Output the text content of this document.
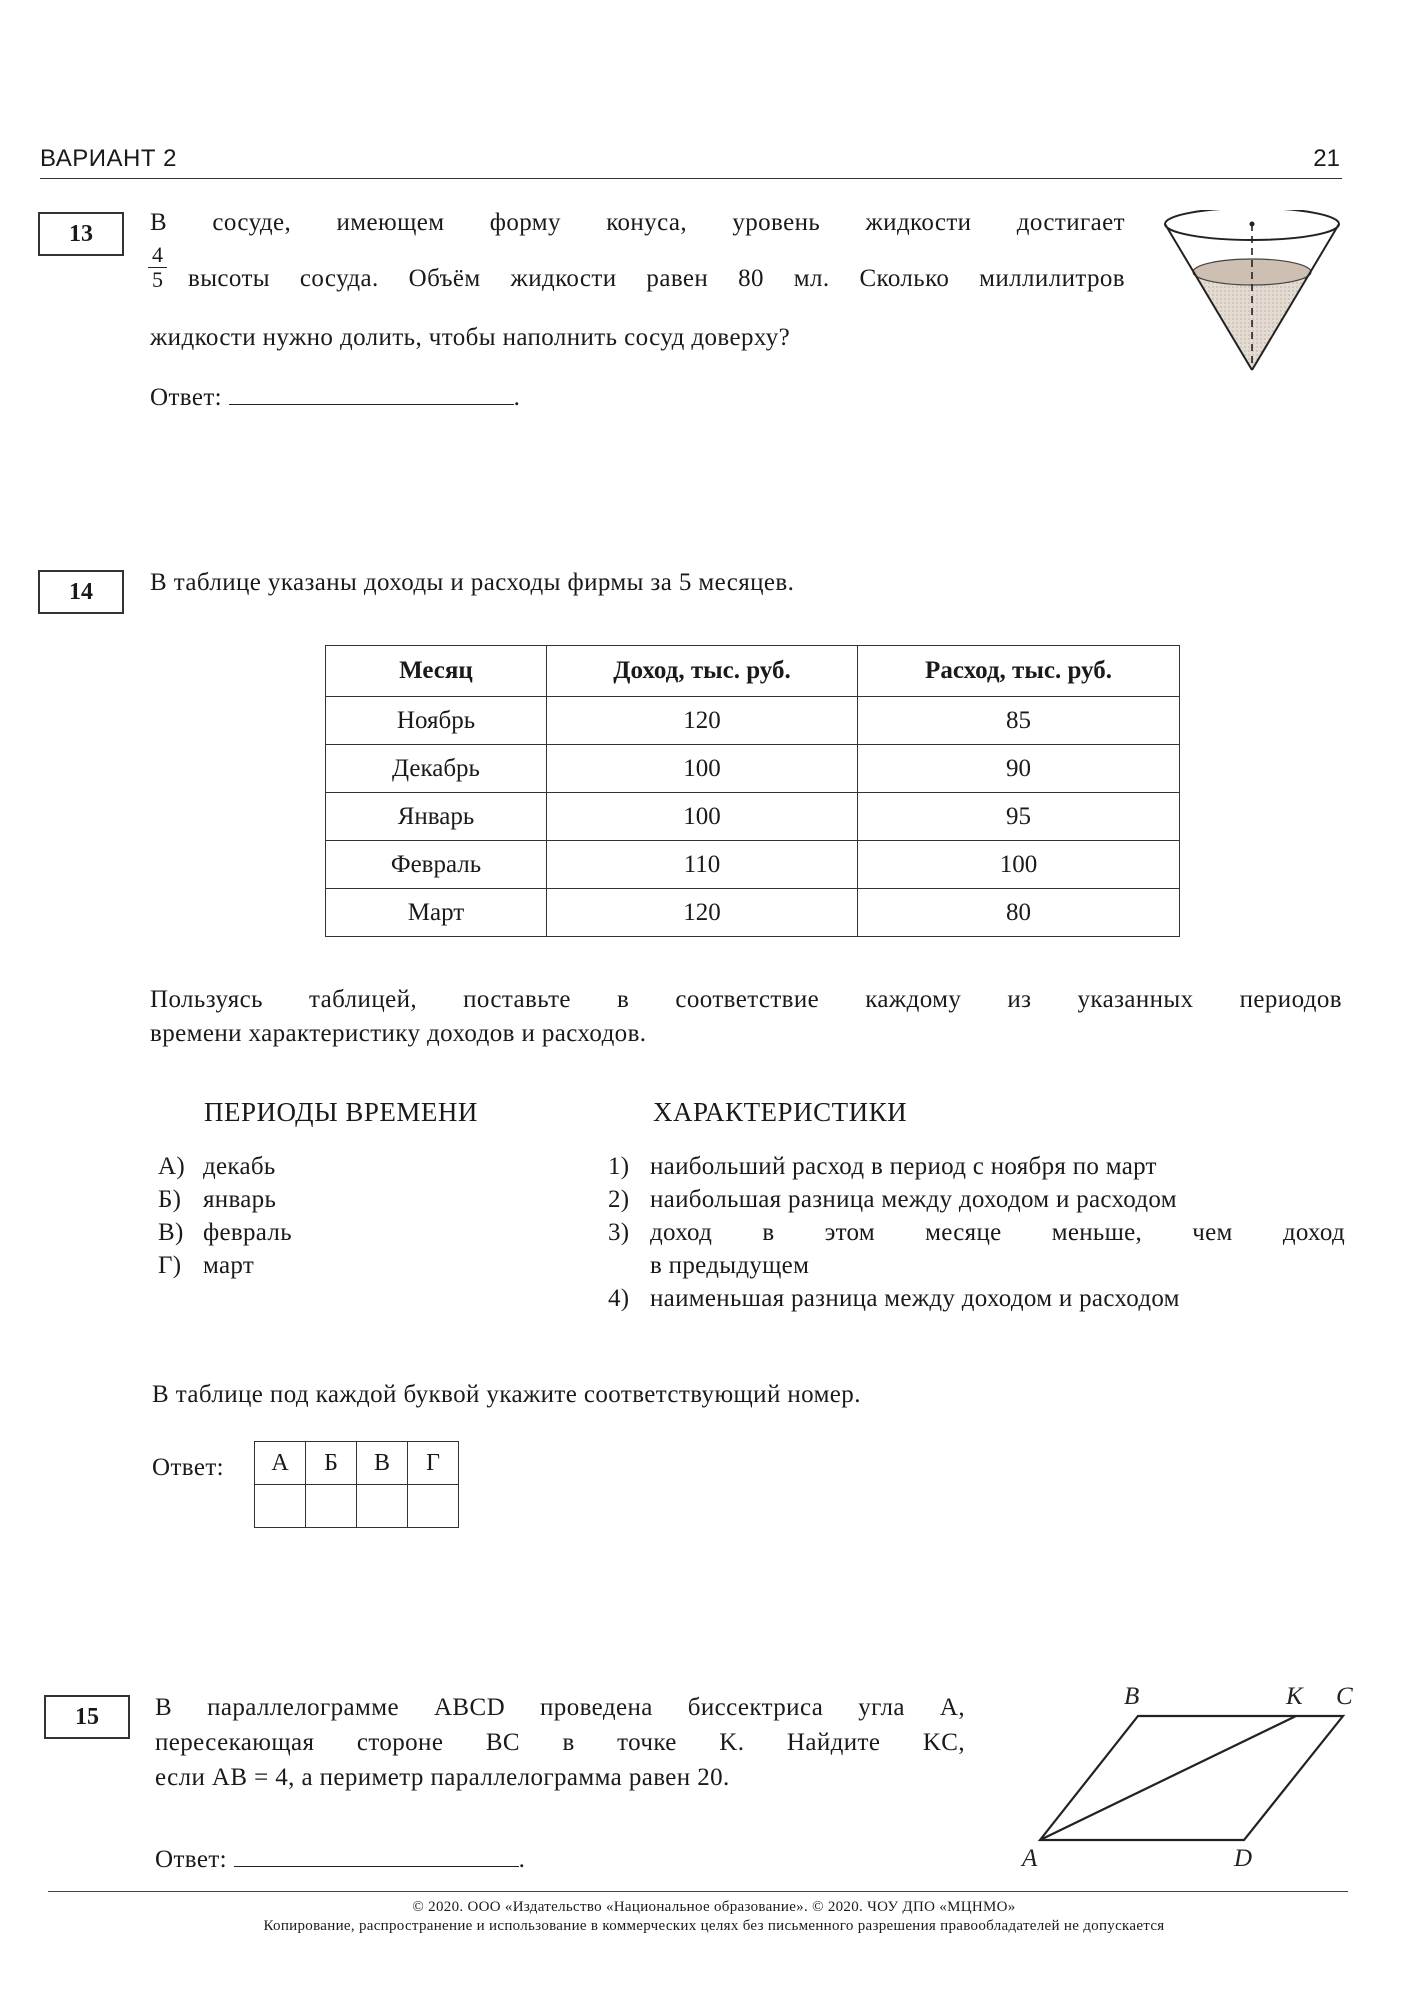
ВАРИАНТ 2	21
13	В сосуде, имеющем форму конуса, уровень жидкости достигает
$\frac{4}{5}$ высоты сосуда. Объём жидкости равен 80 мл. Сколько миллилитров
жидкости нужно долить, чтобы наполнить сосуд доверху?
Ответ:	.
14	В таблице указаны доходы и расходы фирмы за 5 месяцев.
Месяц	Доход, тыс. руб.	Расход, тыс. руб.
Ноябрь	120	85
Декабрь	100	90
Январь	100	95
Февраль	110	100
Март	120	80
Пользуясь таблицей, поставьте в соответствие каждому из указанных периодов
времени характеристику доходов и расходов.
ПЕРИОДЫ ВРЕМЕНИ	ХАРАКТЕРИСТИКИ
А) декабь
Б) январь
В) февраль
Г) март
1) наибольший расход в период с ноября по март
2) наибольшая разница между доходом и расходом
3) доход в этом месяце меньше, чем доход
в предыдущем
4) наименьшая разница между доходом и расходом
В таблице под каждой буквой укажите соответствующий номер.
Ответ: А	Б	В	Г

15	В параллелограмме ABCD проведена биссектриса угла A,
пересекающая стороне BC в точке K. Найдите KC,
если AB = 4, а периметр параллелограмма равен 20.
Ответ:	.
B	K C
A	D
© 2020. ООО «Издательство «Национальное образование». © 2020. ЧОУ ДПО «МЦНМО»
Копирование, распространение и использование в коммерческих целях без письменного разрешения правообладателей не допускается
